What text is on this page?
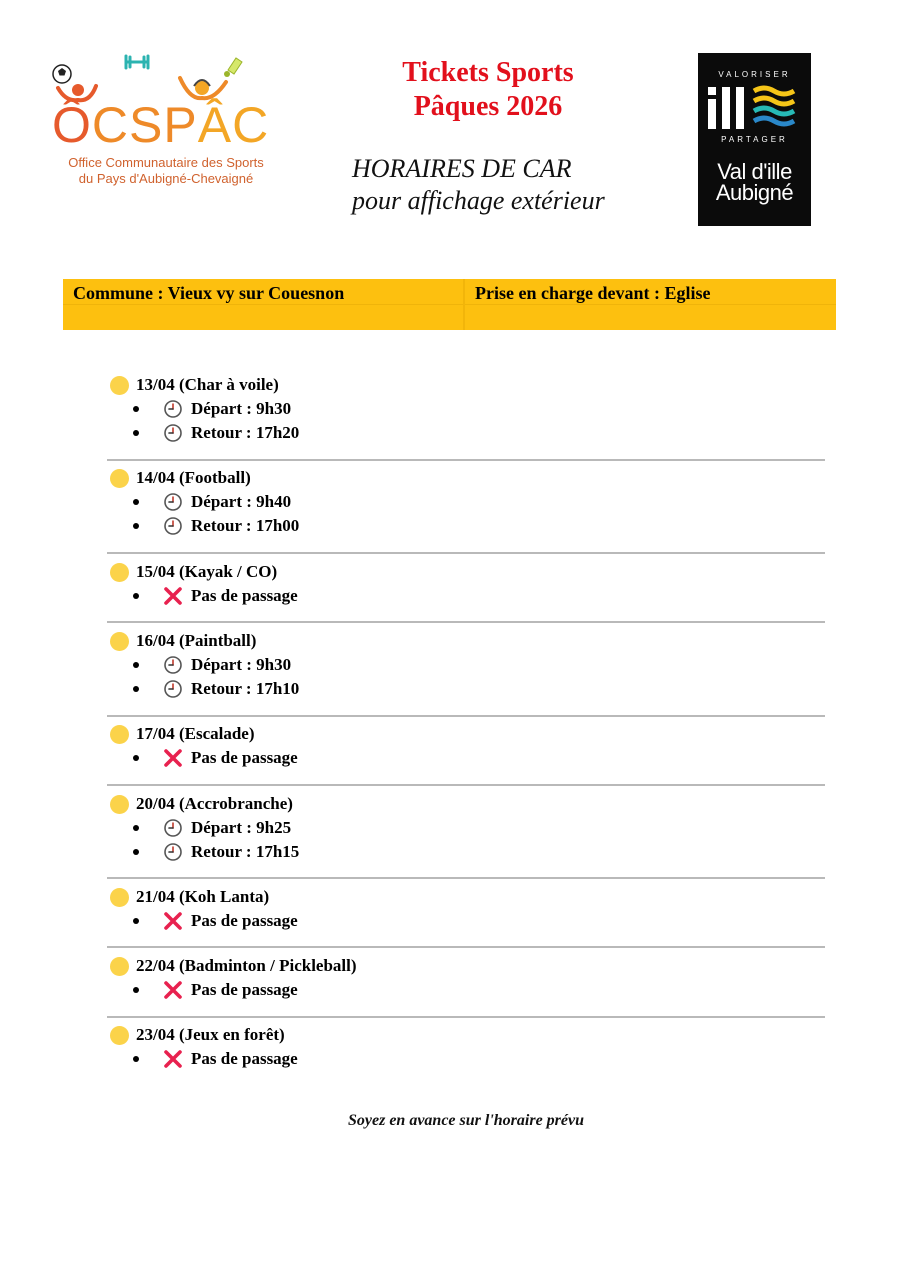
ÔCSPÂC
Office Communautaire des Sports
du Pays d'Aubigné-Chevaigné
Tickets Sports
Pâques 2026
HORAIRES DE CAR
pour affichage extérieur
VALORISER
PARTAGER
Val d'ille
Aubigné
Commune : Vieux vy sur Couesnon	Prise en charge devant : Eglise
13/04 (Char à voile)
Départ : 9h30
Retour : 17h20
14/04 (Football)
Départ : 9h40
Retour : 17h00
15/04 (Kayak / CO)
Pas de passage
16/04 (Paintball)
Départ : 9h30
Retour : 17h10
17/04 (Escalade)
Pas de passage
20/04 (Accrobranche)
Départ : 9h25
Retour : 17h15
21/04 (Koh Lanta)
Pas de passage
22/04 (Badminton / Pickleball)
Pas de passage
23/04 (Jeux en forêt)
Pas de passage
Soyez en avance sur l'horaire prévu
